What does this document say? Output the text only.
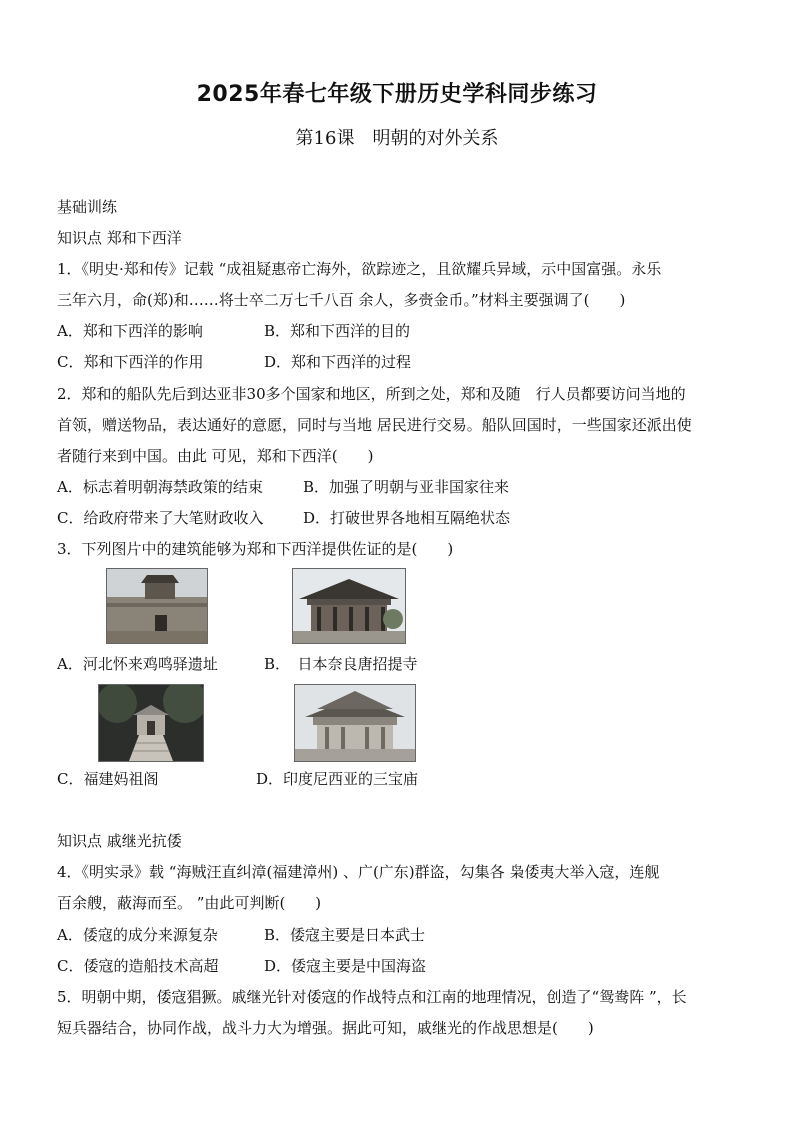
2025年春七年级下册历史学科同步练习
第16课　明朝的对外关系
基础训练
知识点 郑和下西洋
1．《明史·郑和传》记载 “成祖疑惠帝亡海外，欲踪迹之，且欲耀兵异域，示中国富强。永乐
三年六月，命(郑)和……将士卒二万七千八百 余人，多赍金币。”材料主要强调了(　　)
A．郑和下西洋的影响	B．郑和下西洋的目的
C．郑和下西洋的作用	D．郑和下西洋的过程
2．郑和的船队先后到达亚非30多个国家和地区，所到之处，郑和及随　行人员都要访问当地的
首领，赠送物品，表达通好的意愿，同时与当地 居民进行交易。船队回国时，一些国家还派出使
者随行来到中国。由此 可见，郑和下西洋(　　)
A．标志着明朝海禁政策的结束	B．加强了明朝与亚非国家往来
C．给政府带来了大笔财政收入	D．打破世界各地相互隔绝状态
3．下列图片中的建筑能够为郑和下西洋提供佐证的是(　　)
A．河北怀来鸡鸣驿遗址	B．　日本奈良唐招提寺
C．福建妈祖阁	D．印度尼西亚的三宝庙
知识点 戚继光抗倭
4．《明实录》载 “海贼汪直纠漳(福建漳州) 、广(广东)群盗，勾集各 枭倭夷大举入寇，连舰
百余艘，蔽海而至。 ”由此可判断(　　)
A．倭寇的成分来源复杂	B．倭寇主要是日本武士
C．倭寇的造船技术高超	D．倭寇主要是中国海盗
5．明朝中期，倭寇猖獗。戚继光针对倭寇的作战特点和江南的地理情况，创造了“鸳鸯阵 ”，长
短兵器结合，协同作战，战斗力大为增强。据此可知，戚继光的作战思想是(　　)
